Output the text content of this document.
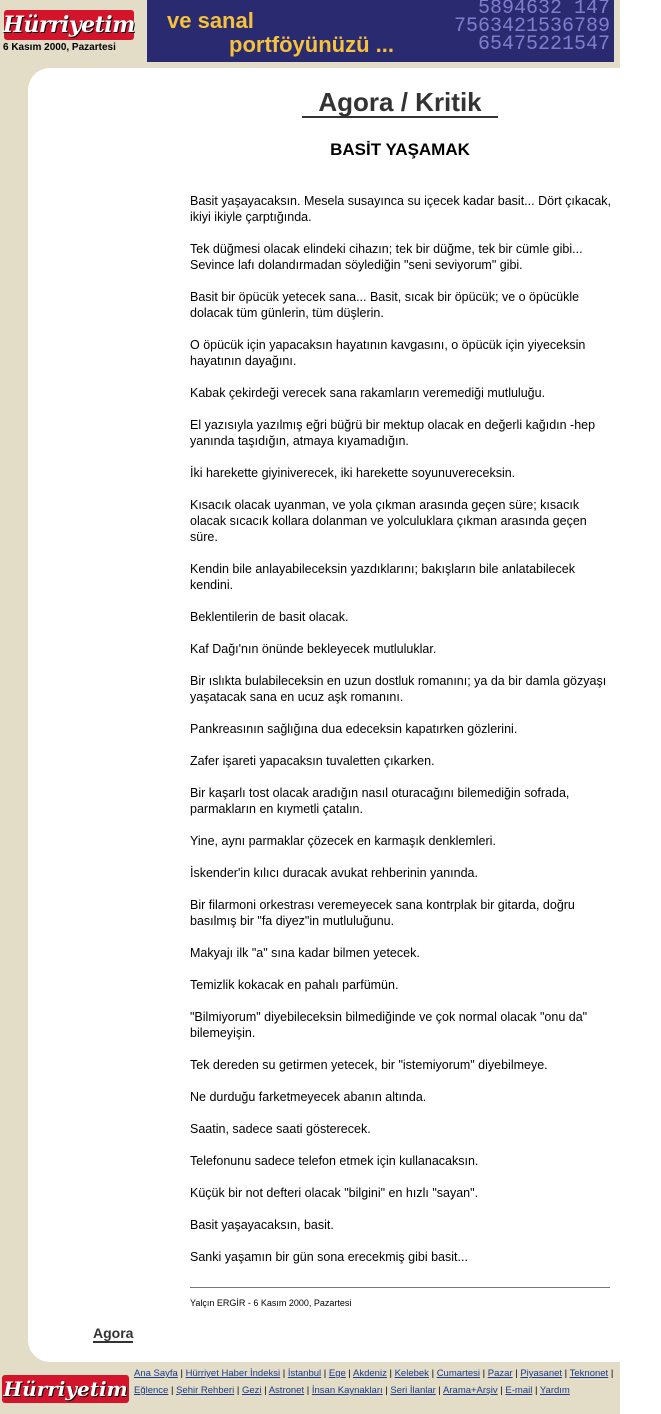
Hürriyetim
6 Kasım 2000, Pazartesi
5894632 147
7563421536789
65475221547
ve sanal
portföyünüzü ...
Agora / Kritik
BASİT YAŞAMAK

Basit yaşayacaksın. Mesela susayınca su içecek kadar basit... Dört çıkacak, ikiyi ikiyle çarptığında.

Tek düğmesi olacak elindeki cihazın; tek bir düğme, tek bir cümle gibi... Sevince lafı dolandırmadan söylediğin "seni seviyorum" gibi.

Basit bir öpücük yetecek sana... Basit, sıcak bir öpücük; ve o öpücükle dolacak tüm günlerin, tüm düşlerin.

O öpücük için yapacaksın hayatının kavgasını, o öpücük için yiyeceksin hayatının dayağını.

Kabak çekirdeği verecek sana rakamların veremediği mutluluğu.

El yazısıyla yazılmış eğri büğrü bir mektup olacak en değerli kağıdın -hep yanında taşıdığın, atmaya kıyamadığın.

İki harekette giyiniverecek, iki harekette soyunuvereceksin.

Kısacık olacak uyanman, ve yola çıkman arasında geçen süre; kısacık olacak sıcacık kollara dolanman ve yolculuklara çıkman arasında geçen süre.

Kendin bile anlayabileceksin yazdıklarını; bakışların bile anlatabilecek kendini.

Beklentilerin de basit olacak.

Kaf Dağı'nın önünde bekleyecek mutluluklar.

Bir ıslıkta bulabileceksin en uzun dostluk romanını; ya da bir damla gözyaşı yaşatacak sana en ucuz aşk romanını.

Pankreasının sağlığına dua edeceksin kapatırken gözlerini.

Zafer işareti yapacaksın tuvaletten çıkarken.

Bir kaşarlı tost olacak aradığın nasıl oturacağını bilemediğin sofrada, parmakların en kıymetli çatalın.

Yine, aynı parmaklar çözecek en karmaşık denklemleri.

İskender'in kılıcı duracak avukat rehberinin yanında.

Bir filarmoni orkestrası veremeyecek sana kontrplak bir gitarda, doğru basılmış bir "fa diyez"in mutluluğunu.

Makyajı ilk "a" sına kadar bilmen yetecek.

Temizlik kokacak en pahalı parfümün.

"Bilmiyorum" diyebileceksin bilmediğinde ve çok normal olacak "onu da" bilemeyişin.

Tek dereden su getirmen yetecek, bir "istemiyorum" diyebilmeye.

Ne durduğu farketmeyecek abanın altında.

Saatin, sadece saati gösterecek.

Telefonunu sadece telefon etmek için kullanacaksın.

Küçük bir not defteri olacak "bilgini" en hızlı "sayan".

Basit yaşayacaksın, basit.

Sanki yaşamın bir gün sona erecekmiş gibi basit...

Yalçın ERGİR - 6 Kasım 2000, Pazartesi
Agora
Hürriyetim
Ana Sayfa | Hürriyet Haber İndeksi | İstanbul | Ege | Akdeniz | Kelebek | Cumartesi | Pazar | Piyasanet | Teknonet | Eğlence | Şehir Rehberi | Gezi | Astronet | İnsan Kaynakları | Seri İlanlar | Arama+Arşiv | E-mail | Yardım
